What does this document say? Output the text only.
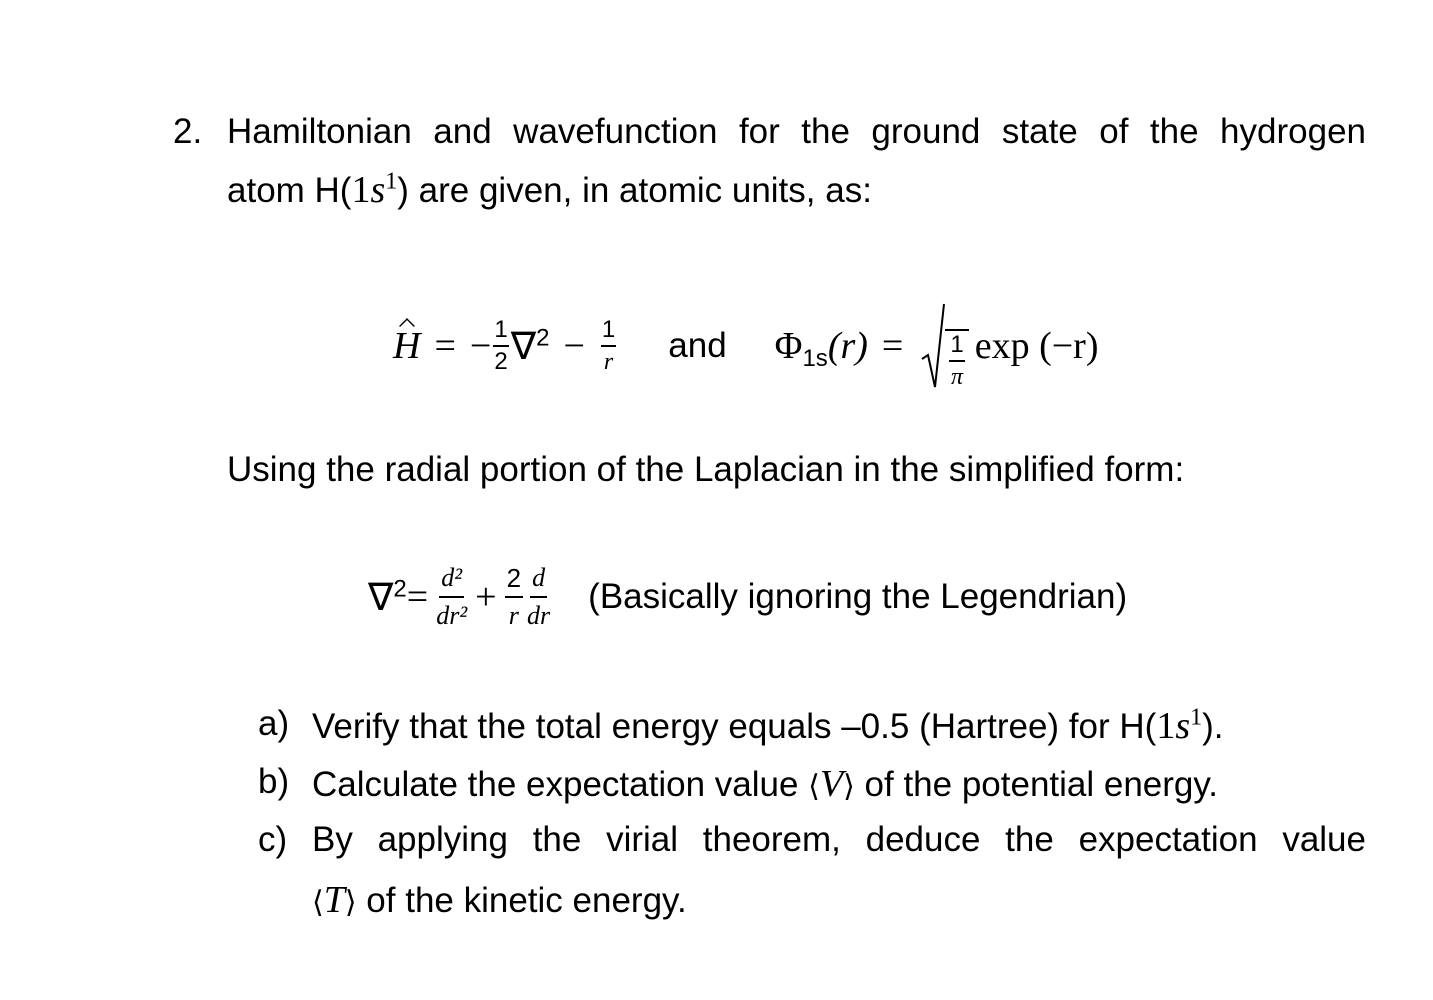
2. Hamiltonian and wavefunction for the ground state of the hydrogen
atom $H(1s^1)$ are given, in atomic units, as:
H = − $\frac{1}{2} \nabla^2 - \frac{1}{r}$ and $\Phi_{1s}$ $(r) = \frac{1}{\pi}$ exp (−r)
Using the radial portion of the Laplacian in the simplified form:
$\nabla^2 = \frac{\text{d²}}{\text{dr²}} + \frac{2}{r} \frac{d}{dr}$ (Basically ignoring the Legendrian)
a) Verify that the total energy equals –0.5 (Hartree) for $H(1s^1)$.
b) Calculate the expectation value ⟨V⟩ of the potential energy.
c) By applying the virial theorem, deduce the expectation value
⟨T⟩ of the kinetic energy.
